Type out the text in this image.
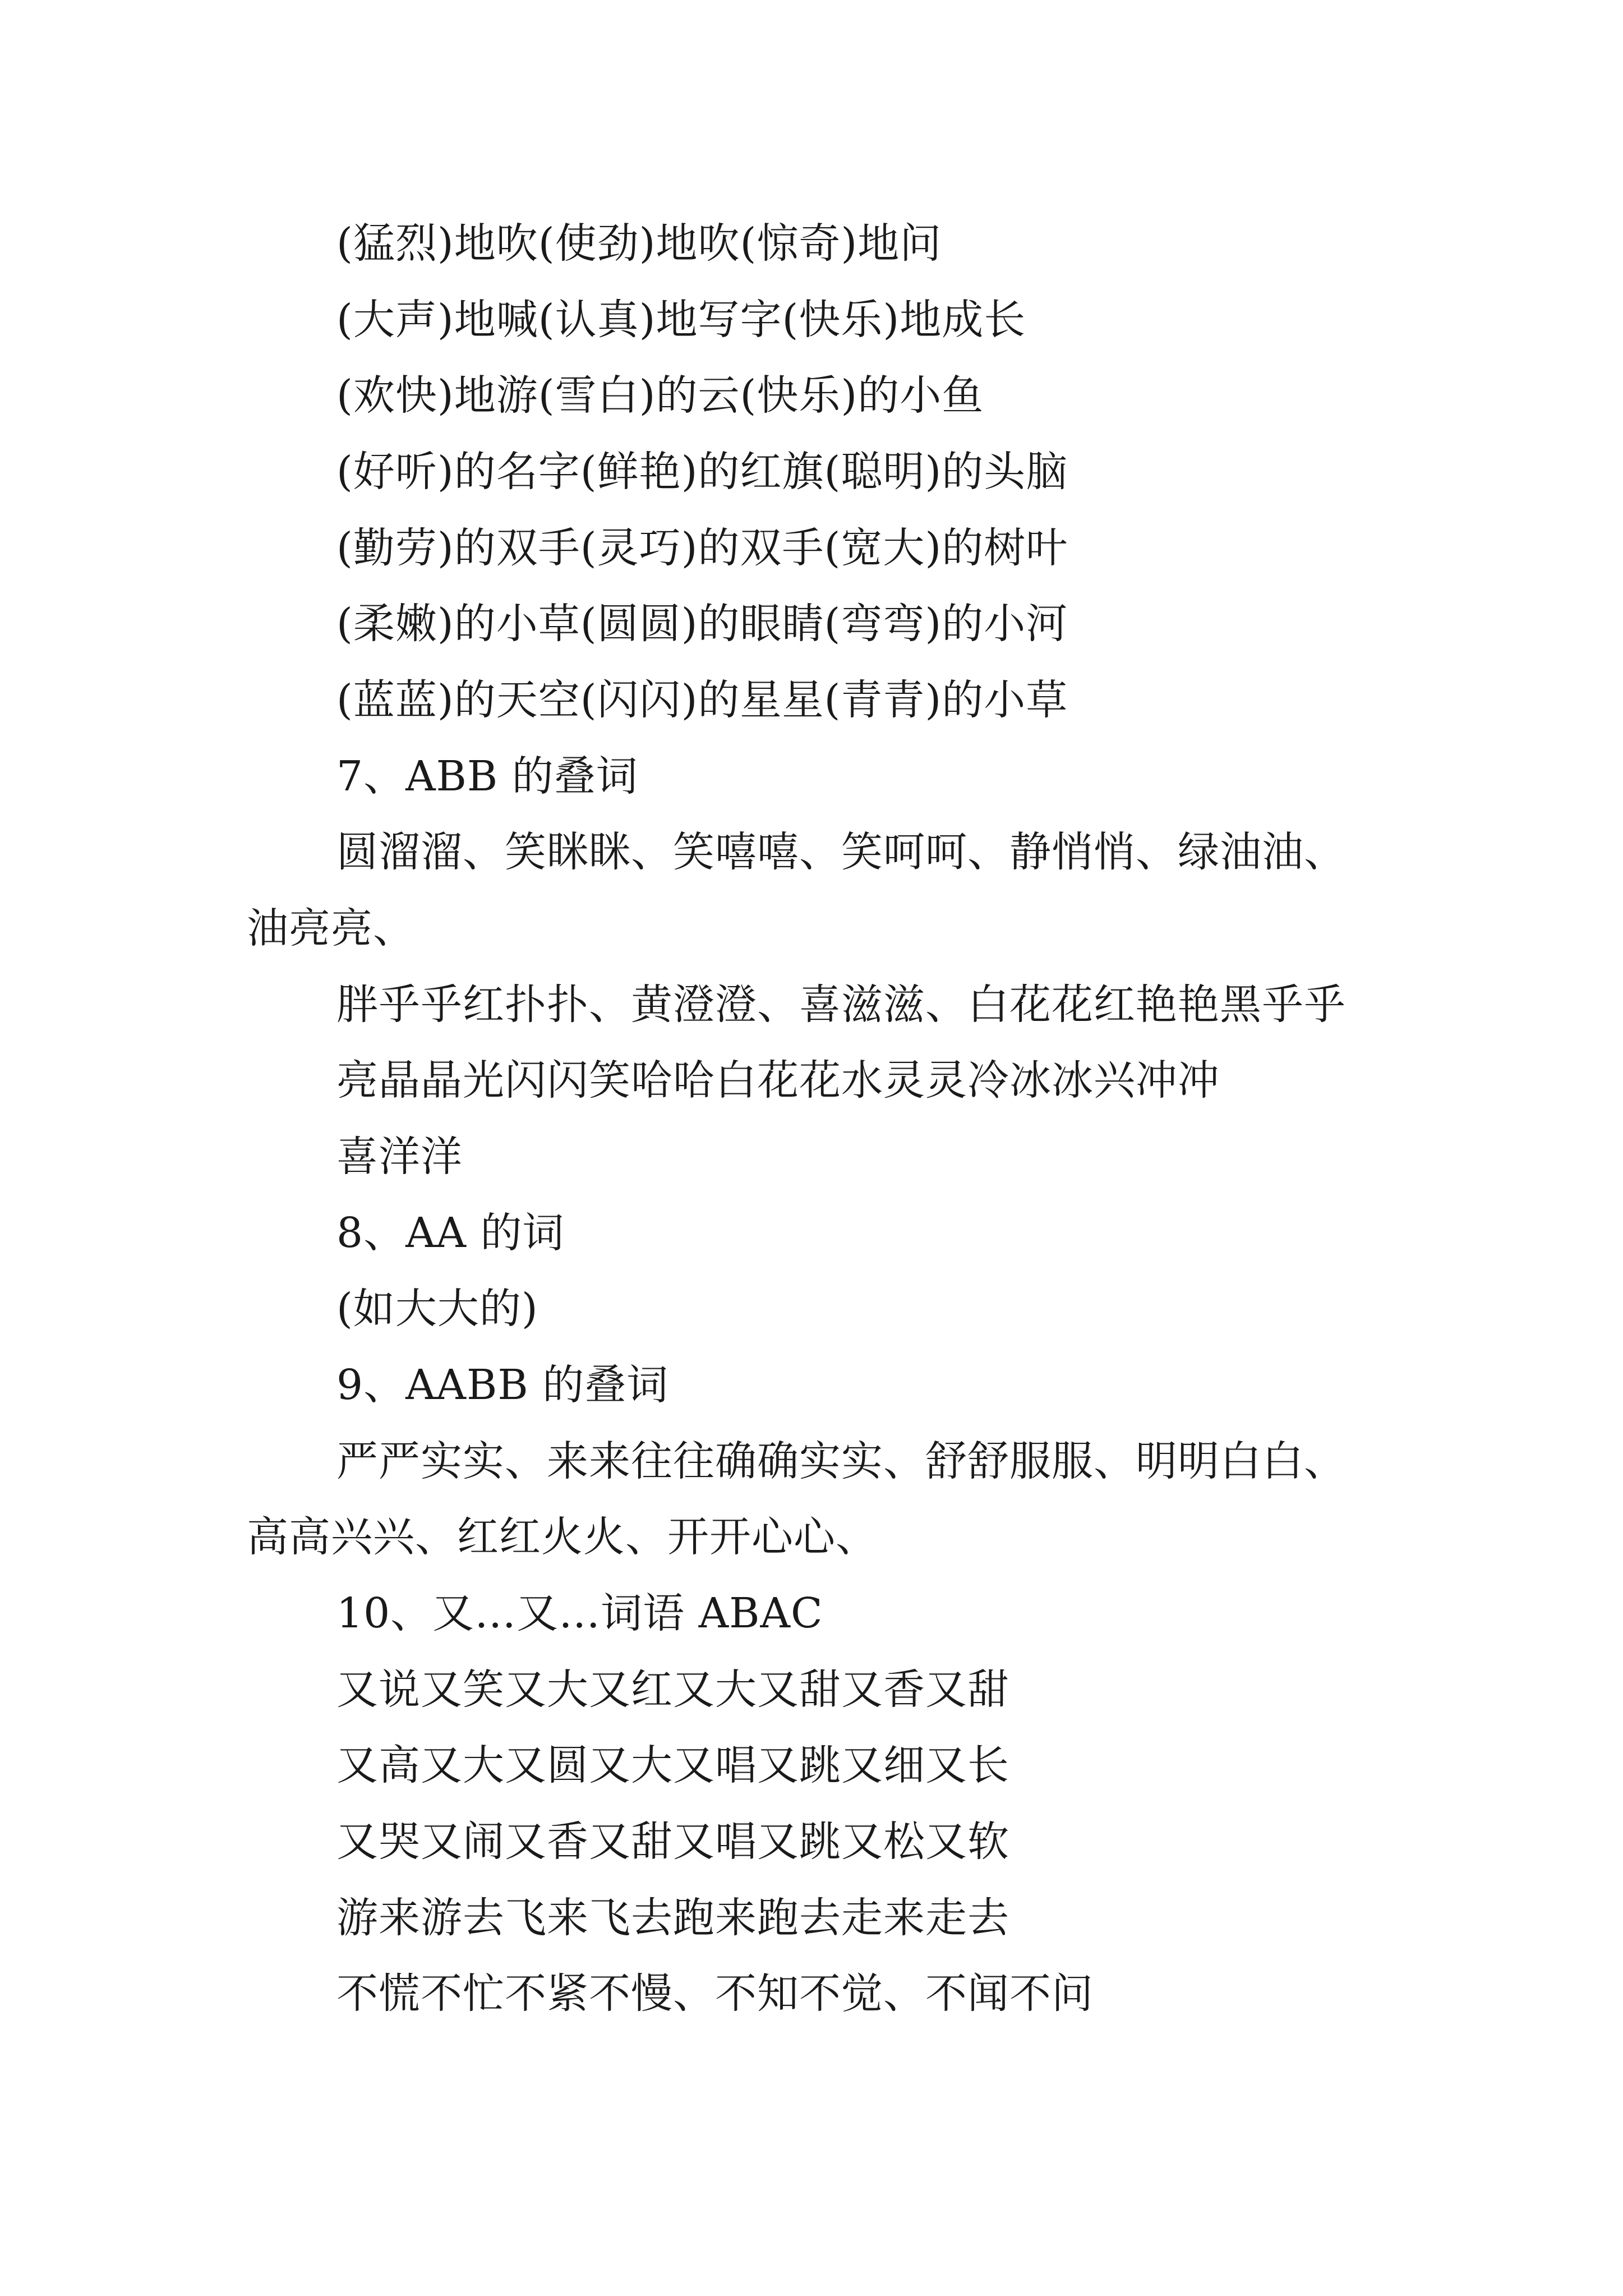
(猛烈)地吹(使劲)地吹(惊奇)地问
(大声)地喊(认真)地写字(快乐)地成长
(欢快)地游(雪白)的云(快乐)的小鱼
(好听)的名字(鲜艳)的红旗(聪明)的头脑
(勤劳)的双手(灵巧)的双手(宽大)的树叶
(柔嫩)的小草(圆圆)的眼睛(弯弯)的小河
(蓝蓝)的天空(闪闪)的星星(青青)的小草
7、ABB 的叠词
圆溜溜、笑眯眯、笑嘻嘻、笑呵呵、静悄悄、绿油油、
油亮亮、
胖乎乎红扑扑、黄澄澄、喜滋滋、白花花红艳艳黑乎乎
亮晶晶光闪闪笑哈哈白花花水灵灵冷冰冰兴冲冲
喜洋洋
8、AA 的词
(如大大的)
9、AABB 的叠词
严严实实、来来往往确确实实、舒舒服服、明明白白、
高高兴兴、红红火火、开开心心、
10、又…又…词语 ABAC
又说又笑又大又红又大又甜又香又甜
又高又大又圆又大又唱又跳又细又长
又哭又闹又香又甜又唱又跳又松又软
游来游去飞来飞去跑来跑去走来走去
不慌不忙不紧不慢、不知不觉、不闻不问
